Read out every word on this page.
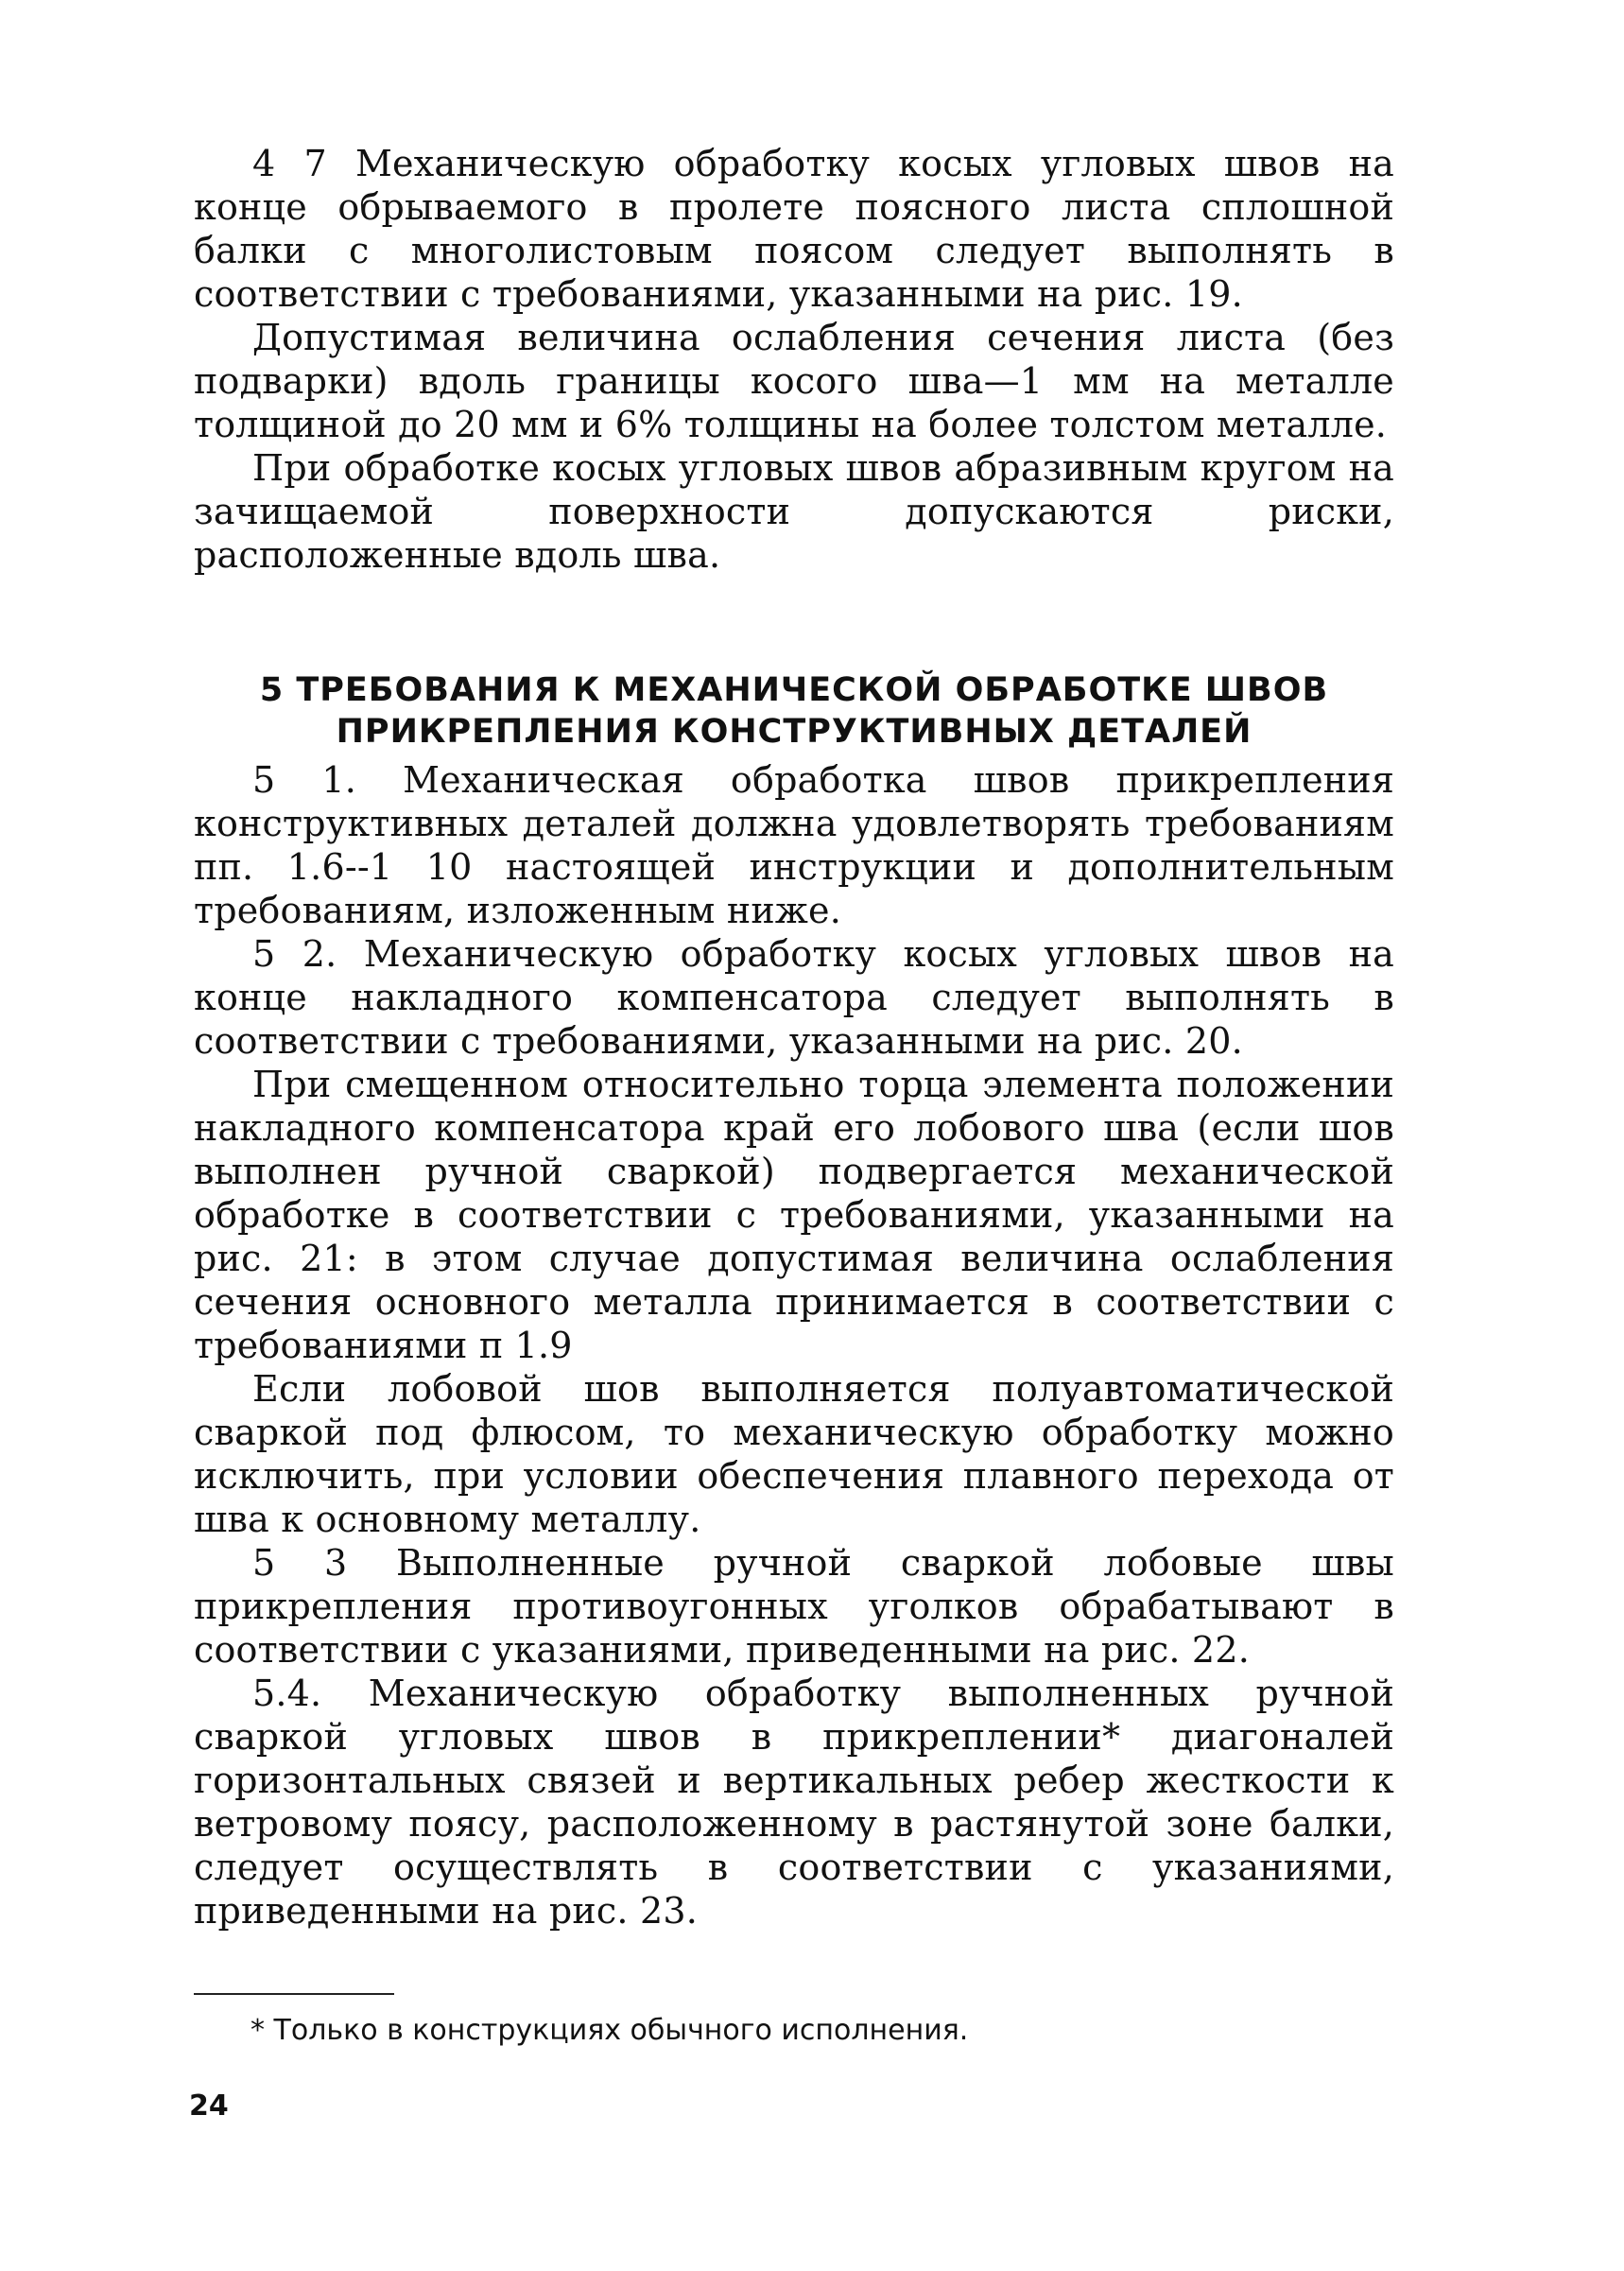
4 7 Механическую обработку косых угловых швов на конце обрываемого в пролете поясного листа сплошной балки с многолистовым поясом следует выполнять в соответствии с требованиями, указанными на рис. 19.

Допустимая величина ослабления сечения листа (без подварки) вдоль границы косого шва—1 мм на металле толщиной до 20 мм и 6% толщины на более толстом металле.

При обработке косых угловых швов абразивным кругом на зачищаемой поверхности допускаются риски, расположенные вдоль шва.

5 ТРЕБОВАНИЯ К МЕХАНИЧЕСКОЙ ОБРАБОТКЕ ШВОВ

ПРИКРЕПЛЕНИЯ КОНСТРУКТИВНЫХ ДЕТАЛЕЙ

5 1. Механическая обработка швов прикрепления конструктивных деталей должна удовлетворять требованиям пп. 1.6--1 10 настоящей инструкции и дополнительным требованиям, изложенным ниже.

5 2. Механическую обработку косых угловых швов на конце накладного компенсатора следует выполнять в соответствии с требованиями, указанными на рис. 20.

При смещенном относительно торца элемента положении накладного компенсатора край его лобового шва (если шов выполнен ручной сваркой) подвергается механической обработке в соответствии с требованиями, указанными на рис. 21: в этом случае допустимая величина ослабления сечения основного металла принимается в соответствии с требованиями п 1.9

Если лобовой шов выполняется полуавтоматической сваркой под флюсом, то механическую обработку можно исключить, при условии обеспечения плавного перехода от шва к основному металлу.

5 3 Выполненные ручной сваркой лобовые швы прикрепления противоугонных уголков обрабатывают в соответствии с указаниями, приведенными на рис. 22.

5.4. Механическую обработку выполненных ручной сваркой угловых швов в прикреплении* диагоналей горизонтальных связей и вертикальных ребер жесткости к ветровому поясу, расположенному в растянутой зоне балки, следует осуществлять в соответствии с указаниями, приведенными на рис. 23.

* Только в конструкциях обычного исполнения.

24
